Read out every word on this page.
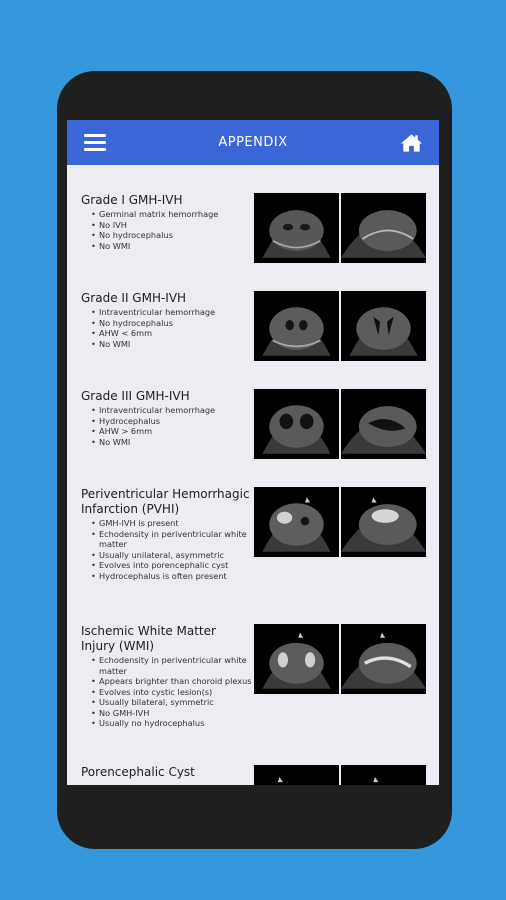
APPENDIX
Grade I GMH-IVH
• Germinal matrix hemorrhage
• No IVH
• No hydrocephalus
• No WMI
Grade II GMH-IVH
• Intraventricular hemorrhage
• No hydrocephalus
• AHW < 6mm
• No WMI
Grade III GMH-IVH
• Intraventricular hemorrhage
• Hydrocephalus
• AHW > 6mm
• No WMI
Periventricular Hemorrhagic Infarction (PVHI)
• GMH-IVH is present
• Echodensity in periventricular white matter
• Usually unilateral, asymmetric
• Evolves into porencephalic cyst
• Hydrocephalus is often present
Ischemic White Matter Injury (WMI)
• Echodensity in periventricular white matter
• Appears brighter than choroid plexus
• Evolves into cystic lesion(s)
• Usually bilateral, symmetric
• No GMH-IVH
• Usually no hydrocephalus
Porencephalic Cyst
